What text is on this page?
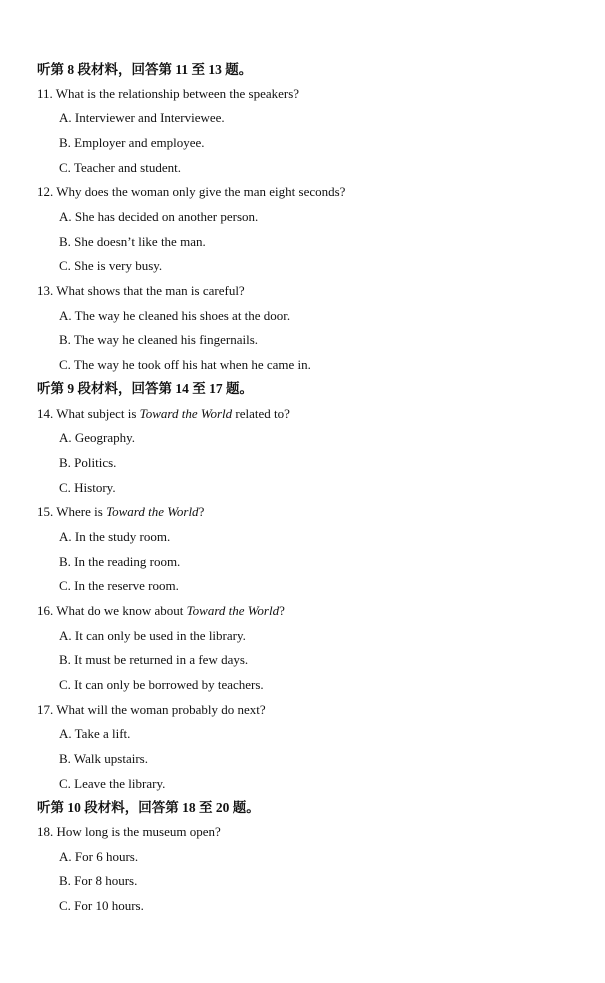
听第 8 段材料，回答第 11 至 13 题。
11. What is the relationship between the speakers?
A. Interviewer and Interviewee.
B. Employer and employee.
C. Teacher and student.
12. Why does the woman only give the man eight seconds?
A. She has decided on another person.
B. She doesn’t like the man.
C. She is very busy.
13. What shows that the man is careful?
A. The way he cleaned his shoes at the door.
B. The way he cleaned his fingernails.
C. The way he took off his hat when he came in.
听第 9 段材料，回答第 14 至 17 题。
14. What subject is Toward the World related to?
A. Geography.
B. Politics.
C. History.
15. Where is Toward the World?
A. In the study room.
B. In the reading room.
C. In the reserve room.
16. What do we know about Toward the World?
A. It can only be used in the library.
B. It must be returned in a few days.
C. It can only be borrowed by teachers.
17. What will the woman probably do next?
A. Take a lift.
B. Walk upstairs.
C. Leave the library.
听第 10 段材料，回答第 18 至 20 题。
18. How long is the museum open?
A. For 6 hours.
B. For 8 hours.
C. For 10 hours.
